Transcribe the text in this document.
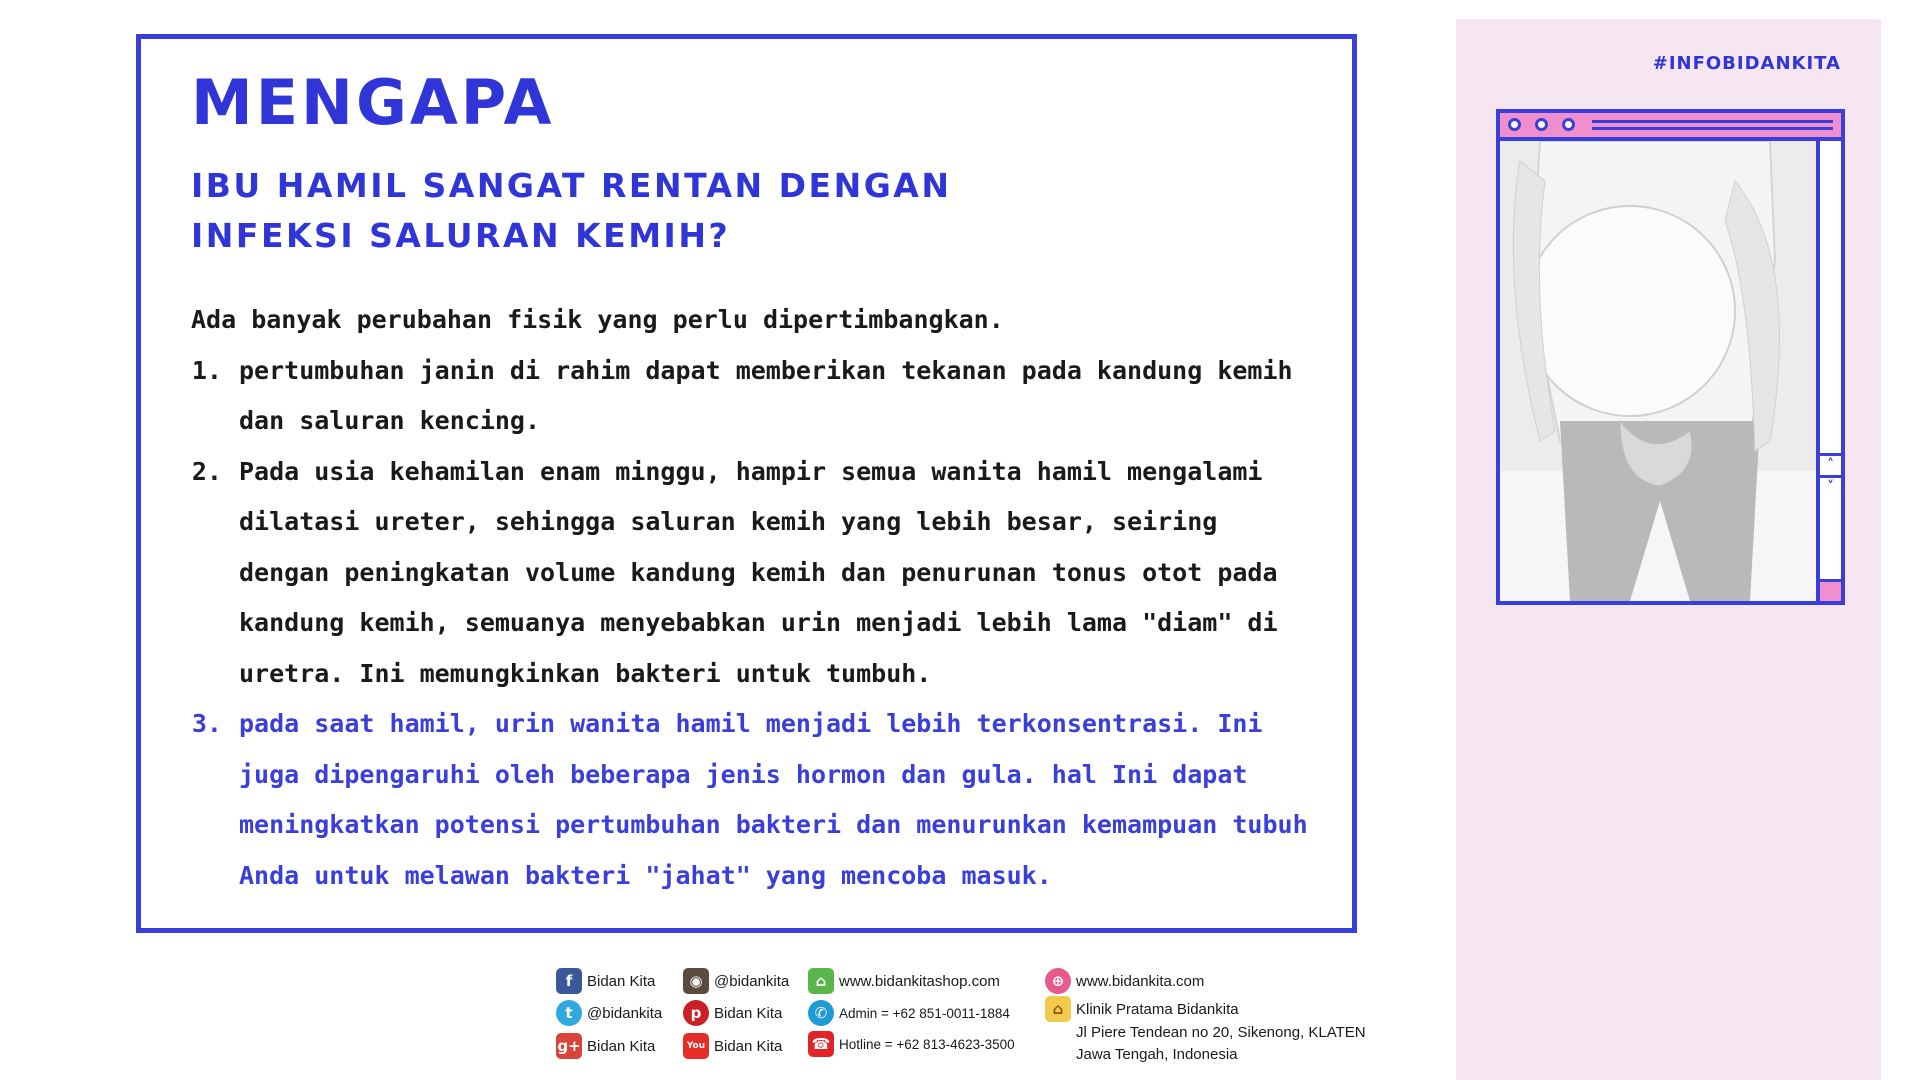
MENGAPA
IBU HAMIL SANGAT RENTAN DENGAN
INFEKSI SALURAN KEMIH?

Ada banyak perubahan fisik yang perlu dipertimbangkan.

1. pertumbuhan janin di rahim dapat memberikan tekanan pada kandung kemih dan saluran kencing.
2. Pada usia kehamilan enam minggu, hampir semua wanita hamil mengalami dilatasi ureter, sehingga saluran kemih yang lebih besar, seiring dengan peningkatan volume kandung kemih dan penurunan tonus otot pada kandung kemih, semuanya menyebabkan urin menjadi lebih lama "diam" di uretra. Ini memungkinkan bakteri untuk tumbuh.
3. pada saat hamil, urin wanita hamil menjadi lebih terkonsentrasi. Ini juga dipengaruhi oleh beberapa jenis hormon dan gula. hal Ini dapat meningkatkan potensi pertumbuhan bakteri dan menurunkan kemampuan tubuh Anda untuk melawan bakteri "jahat" yang mencoba masuk.
#INFOBIDANKITA
˄
˅
f Bidan Kita
t @bidankita
g+ Bidan Kita
◉ @bidankita
p Bidan Kita
You Bidan Kita
⌂ www.bidankitashop.com
✆ Admin = +62 851-0011-1884
☎ Hotline = +62 813-4623-3500
⊕ www.bidankita.com
⌂ Klinik Pratama Bidankita
Jl Piere Tendean no 20, Sikenong, KLATEN
Jawa Tengah, Indonesia
